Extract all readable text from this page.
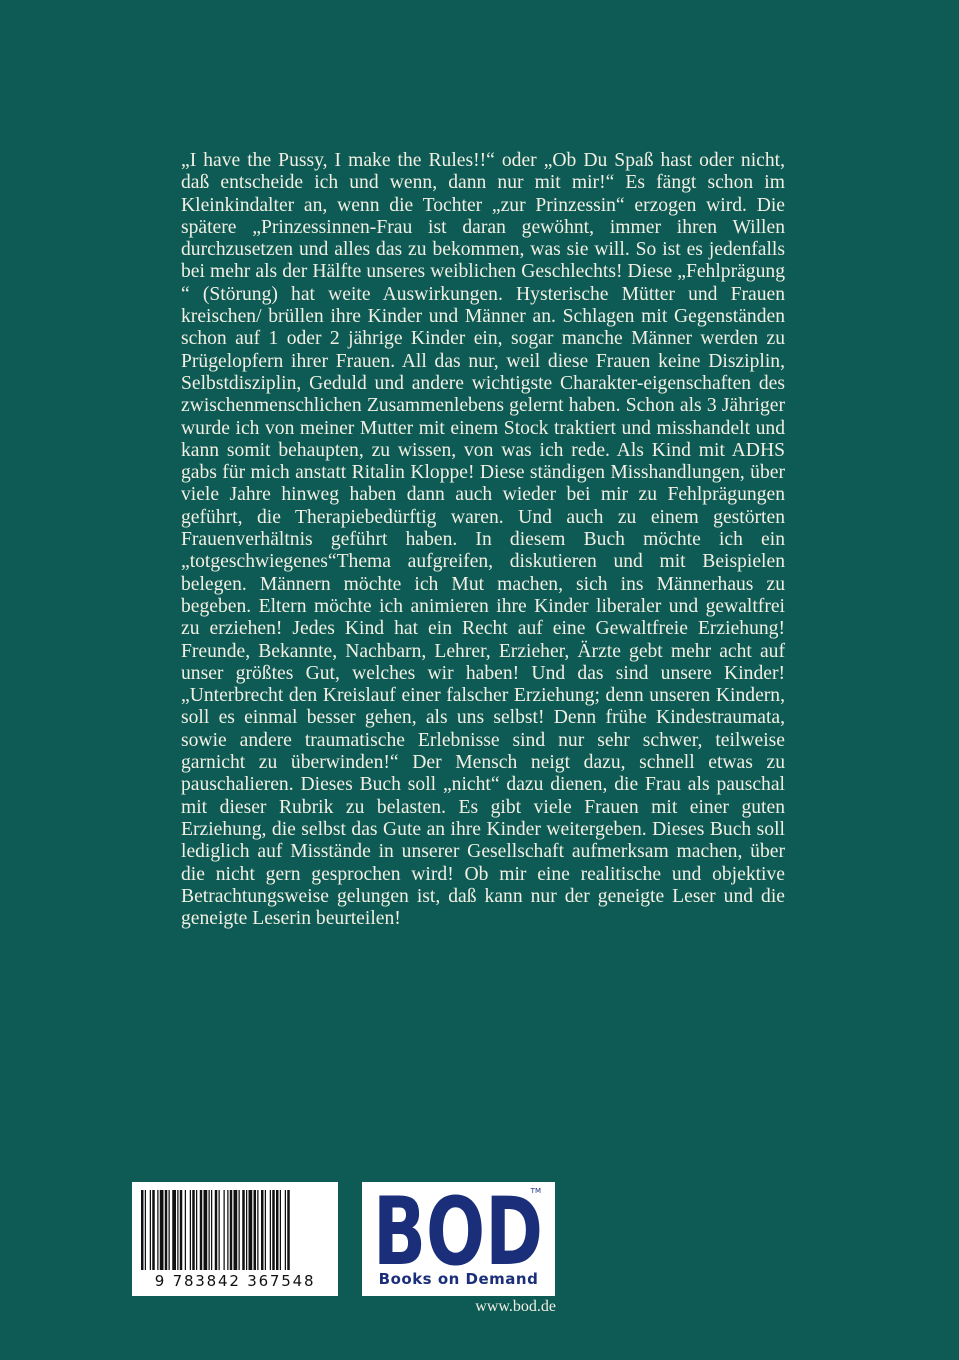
„I have the Pussy, I make the Rules!!“ oder „Ob Du Spaß hast oder nicht, daß entscheide ich und wenn, dann nur mit mir!“ Es fängt schon im Kleinkindalter an, wenn die Tochter „zur Prinzessin“ erzogen wird. Die spätere „Prinzessinnen-Frau ist daran gewöhnt, immer ihren Willen durchzusetzen und alles das zu bekommen, was sie will. So ist es jedenfalls bei mehr als der Hälfte unseres weiblichen Geschlechts! Diese „Fehlprägung “ (Störung) hat weite Auswirkungen. Hysterische Mütter und Frauen kreischen/ brüllen ihre Kinder und Männer an. Schlagen mit Gegenständen schon auf 1 oder 2 jährige Kinder ein, sogar manche Männer werden zu Prügelopfern ihrer Frauen. All das nur, weil diese Frauen keine Disziplin, Selbstdisziplin, Geduld und andere wichtigste Charakter-eigenschaften des zwischenmenschlichen Zusammenlebens gelernt haben. Schon als 3 Jähriger wurde ich von meiner Mutter mit einem Stock traktiert und misshandelt und kann somit behaupten, zu wissen, von was ich rede. Als Kind mit ADHS gabs für mich anstatt Ritalin Kloppe! Diese ständigen Misshandlungen, über viele Jahre hinweg haben dann auch wieder bei mir zu Fehlprägungen geführt, die Therapiebedürftig waren. Und auch zu einem gestörten Frauenverhältnis geführt haben. In diesem Buch möchte ich ein „totgeschwiegenes“Thema aufgreifen, diskutieren und mit Beispielen belegen. Männern möchte ich Mut machen, sich ins Männerhaus zu begeben. Eltern möchte ich animieren ihre Kinder liberaler und gewaltfrei zu erziehen! Jedes Kind hat ein Recht auf eine Gewaltfreie Erziehung! Freunde, Bekannte, Nachbarn, Lehrer, Erzieher, Ärzte gebt mehr acht auf unser größtes Gut, welches wir haben! Und das sind unsere Kinder! „Unterbrecht den Kreislauf einer falscher Erziehung; denn unseren Kindern, soll es einmal besser gehen, als uns selbst! Denn frühe Kindestraumata, sowie andere traumatische Erlebnisse sind nur sehr schwer, teilweise garnicht zu überwinden!“ Der Mensch neigt dazu, schnell etwas zu pauschalieren. Dieses Buch soll „nicht“ dazu dienen, die Frau als pauschal mit dieser Rubrik zu belasten. Es gibt viele Frauen mit einer guten Erziehung, die selbst das Gute an ihre Kinder weitergeben. Dieses Buch soll lediglich auf Misstände in unserer Gesellschaft aufmerksam machen, über die nicht gern gesprochen wird! Ob mir eine realitische und objektive Betrachtungsweise gelungen ist, daß kann nur der geneigte Leser und die geneigte Leserin beurteilen!

9 783842 367548 BOD
TM
Books on Demand
www.bod.de
